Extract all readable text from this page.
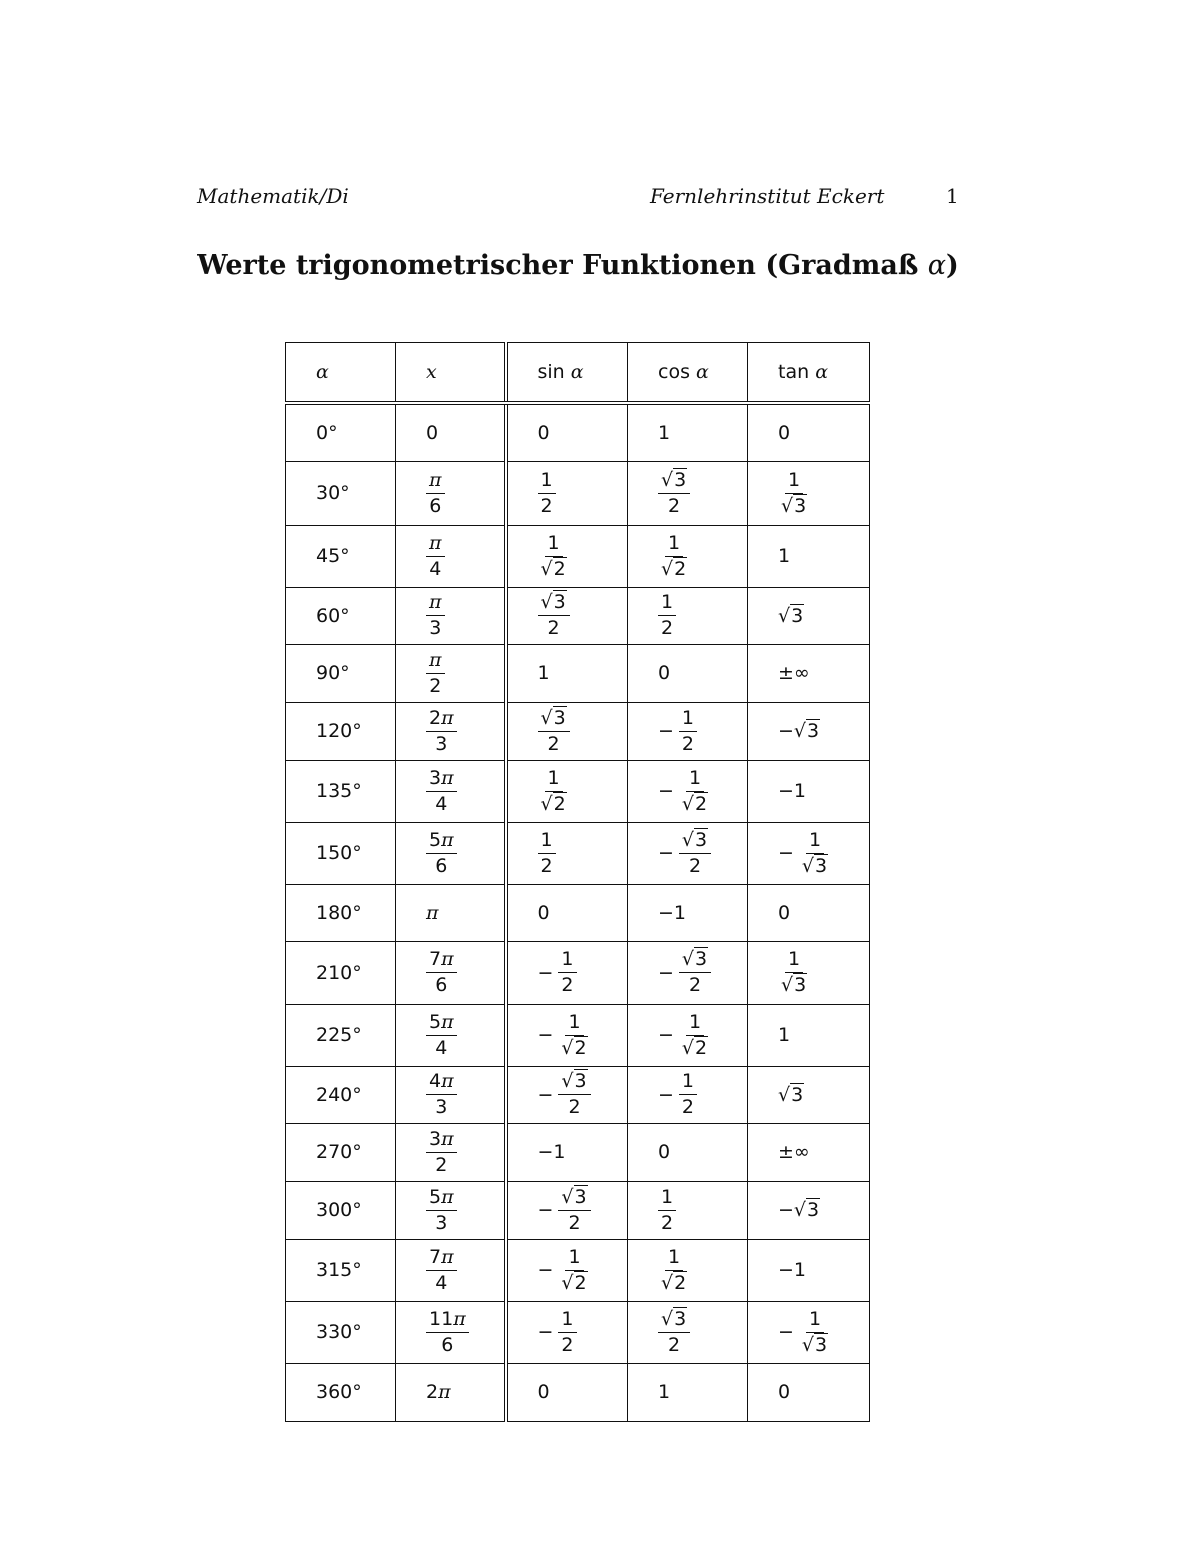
Mathematik/Di	Fernlehrinstitut Eckert	1
Werte trigonometrischer Funktionen (Gradmaß α)
α	x	sin α	cos α	tan α
0°	0	0	1	0
30°	$\frac{\pi}{6}$	$\frac{1}{2}$	$\frac{√3}{2}$	$\frac{1}{√3}$

45°	$\frac{\pi}{4}$	$\frac{1}{√2}$	$\frac{1}{√2}$	1
60°	$\frac{\pi}{3}$	$\frac{√3}{2}$	$\frac{1}{2}$	√3
90°	$\frac{\pi}{2}$	1	0	±∞
120°	$\frac{2\pi}{3}$	$\frac{√3}{2}$	− $\frac{1}{2}$	−√3
135°	$\frac{3\pi}{4}$	$\frac{1}{√2}$	− $\frac{1}{√2}$	−1
150°	$\frac{5\pi}{6}$	$\frac{1}{2}$	− $\frac{√3}{2}$	− $\frac{1}{√3}$

180°	π	0	−1	0
210°	$\frac{7\pi}{6}$	− $\frac{1}{2}$	− $\frac{√3}{2}$	$\frac{1}{√3}$

225°	$\frac{5\pi}{4}$	− $\frac{1}{√2}$	− $\frac{1}{√2}$	1
240°	$\frac{4\pi}{3}$	− $\frac{√3}{2}$	− $\frac{1}{2}$	√3
270°	$\frac{3\pi}{2}$	−1	0	±∞
300°	$\frac{5\pi}{3}$	− $\frac{√3}{2}$	$\frac{1}{2}$	−√3
315°	$\frac{7\pi}{4}$	− $\frac{1}{√2}$	$\frac{1}{√2}$	−1
330°	$\frac{11\pi}{6}$	− $\frac{1}{2}$	$\frac{√3}{2}$	− $\frac{1}{√3}$

360°	2π	0	1	0
